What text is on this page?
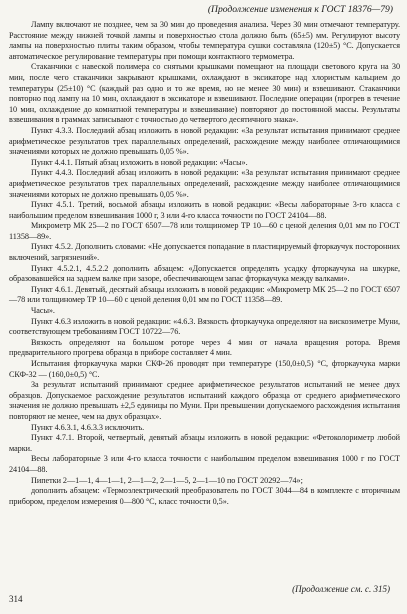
(Продолжение изменения к ГОСТ 18376—79)

Лампу включают не позднее, чем за 30 мин до проведения анализа. Через 30 мин отмечают температуру. Расстояние между нижней точкой лампы и поверхностью стола должно быть (65±5) мм. Регулируют высоту лампы на поверхностью плиты таким образом, чтобы температура сушки составляла (120±5) °C. Допускается автоматическое регулирование температуры при помощи контактного термометра.

Стаканчики с навеской полимера со снятыми крышками помещают на площади светового круга на 30 мин, после чего стаканчики закрывают крышками, охлаждают в эксикаторе над хлористым кальцием до температуры (25±10) °C (каждый раз одно и то же время, но не менее 30 мин) и взвешивают. Стаканчики повторно под лампу на 10 мин, охлаждают в эксикаторе и взвешивают. Последние операции (прогрев в течение 10 мин, охлаждение до комнатной температуры и взвешивание) повторяют до постоянной массы. Результаты взвешивания в граммах записывают с точностью до четвертого десятичного знака».

Пункт 4.3.3. Последний абзац изложить в новой редакции: «За результат испытания принимают среднее арифметическое результатов трех параллельных определений, расхождение между наиболее отличающимися значениями которых не должно превышать 0,05 %».

Пункт 4.4.1. Пятый абзац изложить в новой редакции: «Часы».

Пункт 4.4.3. Последний абзац изложить в новой редакции: «За результат испытания принимают среднее арифметическое результатов трех параллельных определений, расхождение между наиболее отличающимися значениями которых не должно превышать 0,05 %».

Пункт 4.5.1. Третий, восьмой абзацы изложить в новой редакции: «Весы лабораторные 3-го класса с наибольшим пределом взвешивания 1000 г, 3 или 4-го класса точности по ГОСТ 24104—88.

Микрометр МК 25—2 по ГОСТ 6507—78 или толщиномер ТР 10—60 с ценой деления 0,01 мм по ГОСТ 11358—89».

Пункт 4.5.2. Дополнить словами: «Не допускается попадание в пластицируемый фторкаучук посторонних включений, загрязнений».

Пункт 4.5.2.1, 4.5.2.2 дополнить абзацем: «Допускается определять усадку фторкаучука на шкурке, образовавшейся на заднем валке при зазоре, обеспечивающем запас фторкаучука между валками».

Пункт 4.6.1. Девятый, десятый абзацы изложить в новой редакции: «Микрометр МК 25—2 по ГОСТ 6507—78 или толщиномер ТР 10—60 с ценой деления 0,01 мм по ГОСТ 11358—89.

Часы».

Пункт 4.6.3 изложить в новой редакции: «4.6.3. Вязкость фторкаучука определяют на вискозиметре Муни, соответствующем требованиям ГОСТ 10722—76.

Вязкость определяют на большом роторе через 4 мин от начала вращения ротора. Время предварительного прогрева образца в приборе составляет 4 мин.

Испытания фторкаучука марки СКФ-26 проводят при температуре (150,0±0,5) °C, фторкаучука марки СКФ-32 — (160,0±0,5) °C.

За результат испытаний принимают среднее арифметическое результатов испытаний не менее двух образцов. Допускаемое расхождение результатов испытаний каждого образца от среднего арифметического значения не должно превышать ±2,5 единицы по Муни. При превышении допускаемого расхождения испытания повторяют не менее, чем на двух образцах».

Пункт 4.6.3.1, 4.6.3.3 исключить.

Пункт 4.7.1. Второй, четвертый, девятый абзацы изложить в новой редакции: «Фетоколориметр любой марки.

Весы лабораторные 3 или 4-го класса точности с наибольшим пределом взвешивания 1000 г по ГОСТ 24104—88.

Пипетки 2—1—1, 4—1—1, 2—1—2, 2—1—5, 2—1—10 по ГОСТ 20292—74»;

дополнить абзацем: «Термоэлектрический преобразователь по ГОСТ 3044—84 в комплекте с вторичным прибором, пределом измерения 0—800 °C, класс точности 0,5».

(Продолжение см. с. 315)
314
